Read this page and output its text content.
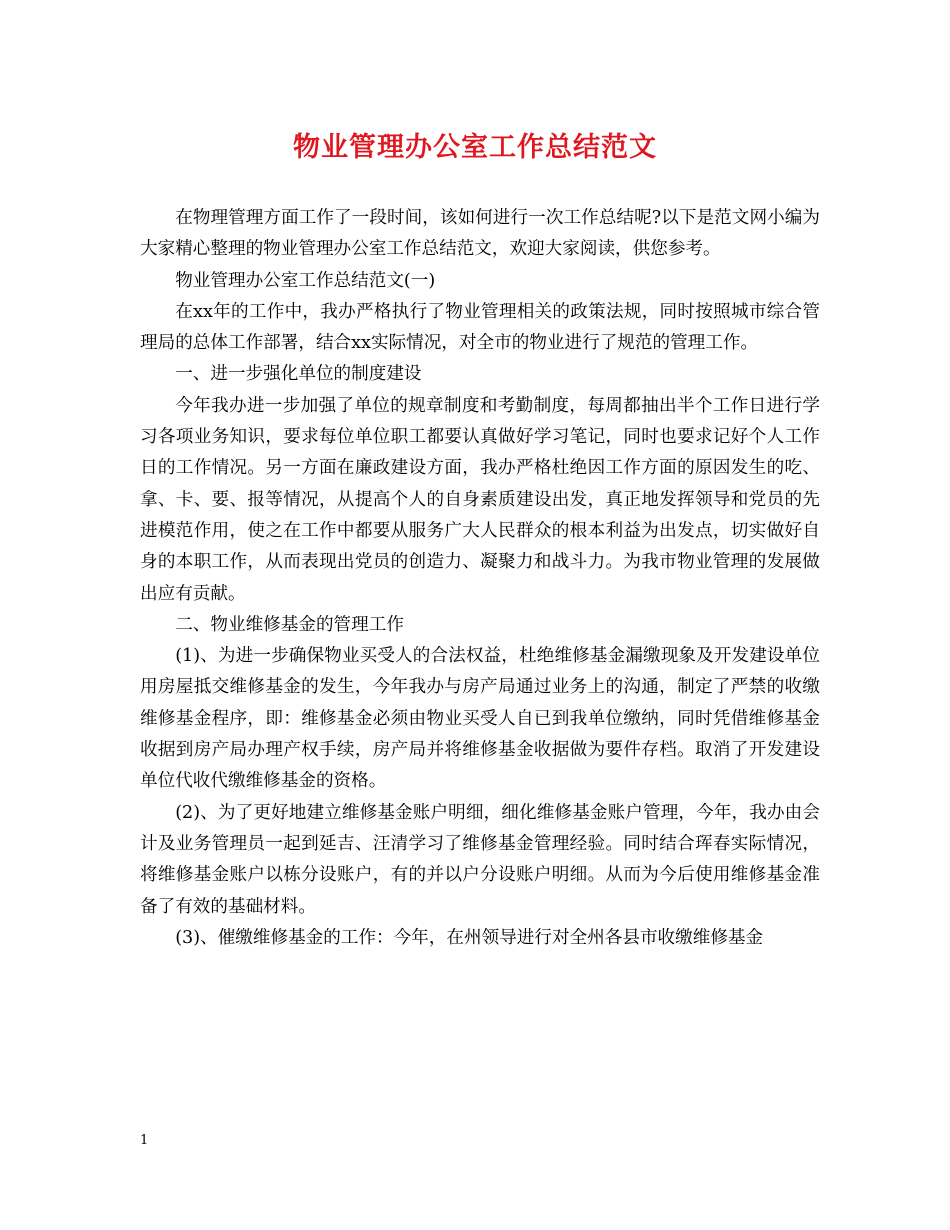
物业管理办公室工作总结范文

在物理管理方面工作了一段时间，该如何进行一次工作总结呢?以下是范文网小编为大家精心整理的物业管理办公室工作总结范文，欢迎大家阅读，供您参考。

物业管理办公室工作总结范文(一)

在xx年的工作中，我办严格执行了物业管理相关的政策法规，同时按照城市综合管理局的总体工作部署，结合xx实际情况，对全市的物业进行了规范的管理工作。

一、进一步强化单位的制度建设

今年我办进一步加强了单位的规章制度和考勤制度，每周都抽出半个工作日进行学习各项业务知识，要求每位单位职工都要认真做好学习笔记，同时也要求记好个人工作日的工作情况。另一方面在廉政建设方面，我办严格杜绝因工作方面的原因发生的吃、拿、卡、要、报等情况，从提高个人的自身素质建设出发，真正地发挥领导和党员的先进模范作用，使之在工作中都要从服务广大人民群众的根本利益为出发点，切实做好自身的本职工作，从而表现出党员的创造力、凝聚力和战斗力。为我市物业管理的发展做出应有贡献。

二、物业维修基金的管理工作

(1)、为进一步确保物业买受人的合法权益，杜绝维修基金漏缴现象及开发建设单位用房屋抵交维修基金的发生，今年我办与房产局通过业务上的沟通，制定了严禁的收缴维修基金程序，即：维修基金必须由物业买受人自已到我单位缴纳，同时凭借维修基金收据到房产局办理产权手续，房产局并将维修基金收据做为要件存档。取消了开发建设单位代收代缴维修基金的资格。

(2)、为了更好地建立维修基金账户明细，细化维修基金账户管理，今年，我办由会计及业务管理员一起到延吉、汪清学习了维修基金管理经验。同时结合珲春实际情况，将维修基金账户以栋分设账户，有的并以户分设账户明细。从而为今后使用维修基金准备了有效的基础材料。

(3)、催缴维修基金的工作：今年，在州领导进行对全州各县市收缴维修基金

1
